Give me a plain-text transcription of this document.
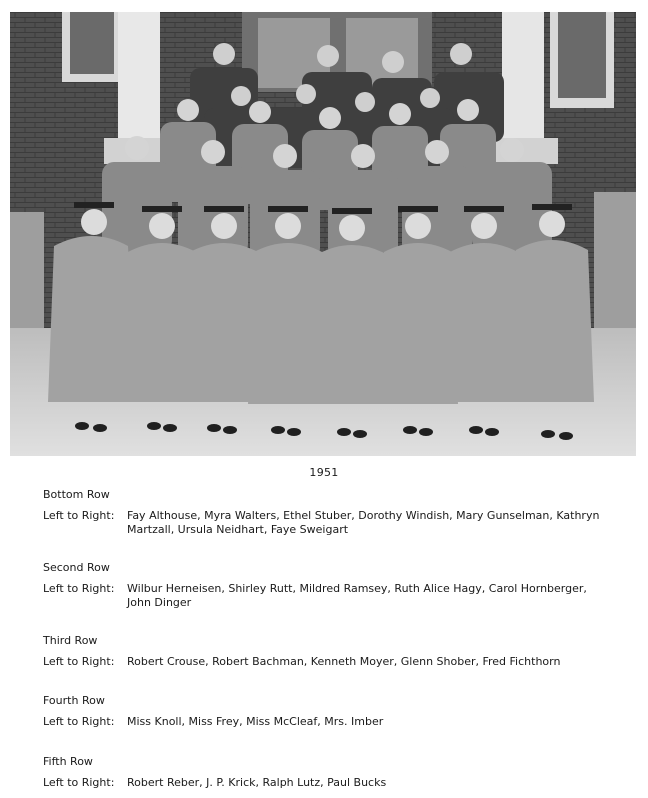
1951
Bottom Row
Left to Right:	Fay Althouse, Myra Walters, Ethel Stuber, Dorothy Windish, Mary Gunselman, Kathryn Martzall, Ursula Neidhart, Faye Sweigart
Second Row
Left to Right:	Wilbur Herneisen, Shirley Rutt, Mildred Ramsey, Ruth Alice Hagy, Carol Hornberger, John Dinger
Third Row
Left to Right:	Robert Crouse, Robert Bachman, Kenneth Moyer, Glenn Shober, Fred Fichthorn
Fourth Row
Left to Right:	Miss Knoll, Miss Frey, Miss McCleaf, Mrs. Imber
Fifth Row
Left to Right:	Robert Reber, J. P. Krick, Ralph Lutz, Paul Bucks
